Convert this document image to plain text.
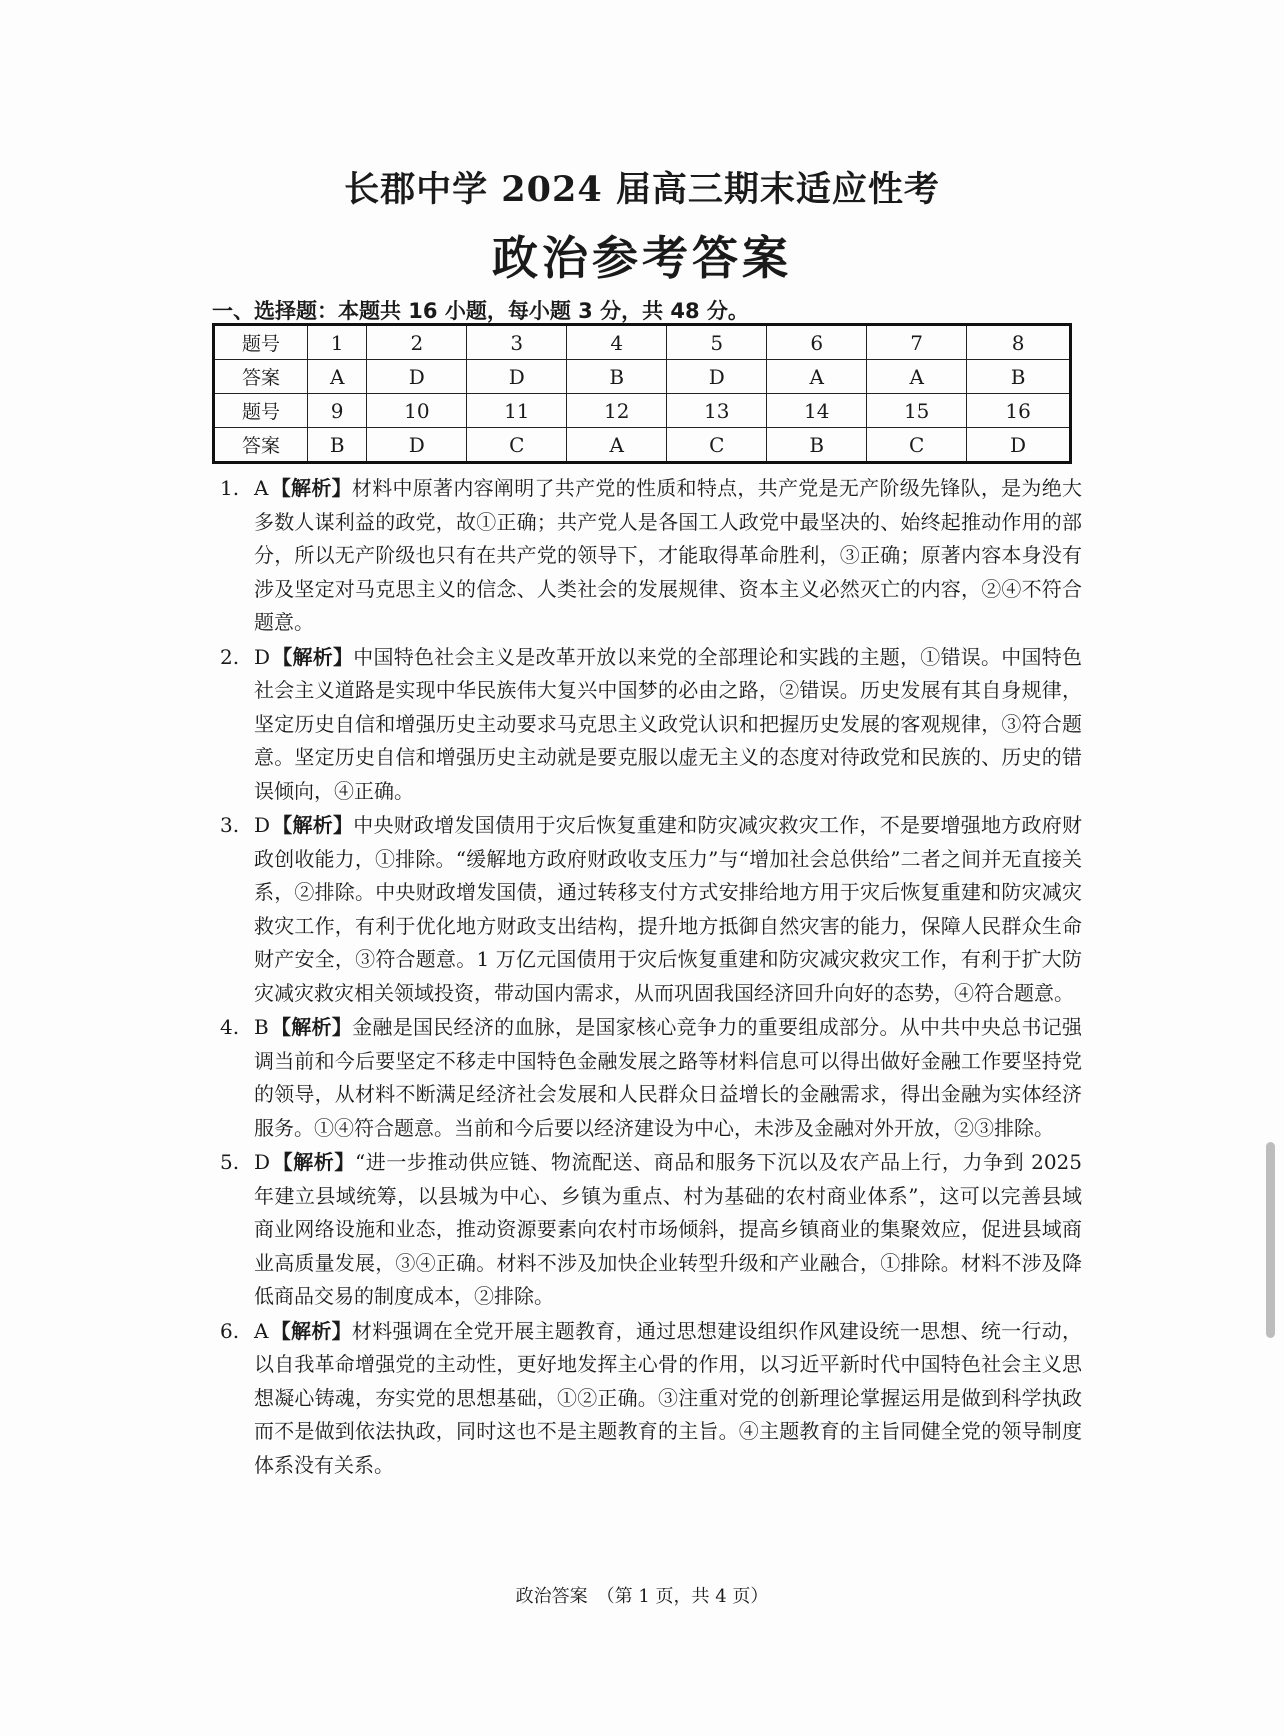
长郡中学 2024 届高三期末适应性考
政治参考答案
一、选择题：本题共 16 小题，每小题 3 分，共 48 分。
题号	1	2	3	4	5	6	7	8
答案	A	D	D	B	D	A	A	B
题号	9	10	11	12	13	14	15	16
答案	B	D	C	A	C	B	C	D
1. A 【解析】材料中原著内容阐明了共产党的性质和特点，共产党是无产阶级先锋队，是为绝大多数人谋利益的政党，故①正确；共产党人是各国工人政党中最坚决的、始终起推动作用的部分，所以无产阶级也只有在共产党的领导下，才能取得革命胜利，③正确；原著内容本身没有涉及坚定对马克思主义的信念、人类社会的发展规律、资本主义必然灭亡的内容，②④不符合题意。
2. D 【解析】中国特色社会主义是改革开放以来党的全部理论和实践的主题，①错误。中国特色社会主义道路是实现中华民族伟大复兴中国梦的必由之路，②错误。历史发展有其自身规律，坚定历史自信和增强历史主动要求马克思主义政党认识和把握历史发展的客观规律，③符合题意。坚定历史自信和增强历史主动就是要克服以虚无主义的态度对待政党和民族的、历史的错误倾向，④正确。
3. D 【解析】中央财政增发国债用于灾后恢复重建和防灾减灾救灾工作，不是要增强地方政府财政创收能力，①排除。“缓解地方政府财政收支压力”与“增加社会总供给”二者之间并无直接关系，②排除。中央财政增发国债，通过转移支付方式安排给地方用于灾后恢复重建和防灾减灾救灾工作，有利于优化地方财政支出结构，提升地方抵御自然灾害的能力，保障人民群众生命财产安全，③符合题意。1 万亿元国债用于灾后恢复重建和防灾减灾救灾工作，有利于扩大防灾减灾救灾相关领域投资，带动国内需求，从而巩固我国经济回升向好的态势，④符合题意。
4. B 【解析】金融是国民经济的血脉，是国家核心竞争力的重要组成部分。从中共中央总书记强调当前和今后要坚定不移走中国特色金融发展之路等材料信息可以得出做好金融工作要坚持党的领导，从材料不断满足经济社会发展和人民群众日益增长的金融需求，得出金融为实体经济服务。①④符合题意。当前和今后要以经济建设为中心，未涉及金融对外开放，②③排除。
5. D 【解析】“进一步推动供应链、物流配送、商品和服务下沉以及农产品上行，力争到 2025 年建立县域统筹，以县城为中心、乡镇为重点、村为基础的农村商业体系”，这可以完善县域商业网络设施和业态，推动资源要素向农村市场倾斜，提高乡镇商业的集聚效应，促进县域商业高质量发展，③④正确。材料不涉及加快企业转型升级和产业融合，①排除。材料不涉及降低商品交易的制度成本，②排除。
6. A 【解析】材料强调在全党开展主题教育，通过思想建设组织作风建设统一思想、统一行动，以自我革命增强党的主动性，更好地发挥主心骨的作用，以习近平新时代中国特色社会主义思想凝心铸魂，夯实党的思想基础，①②正确。③注重对党的创新理论掌握运用是做到科学执政而不是做到依法执政，同时这也不是主题教育的主旨。④主题教育的主旨同健全党的领导制度体系没有关系。
政治答案　（第 1 页，共 4 页）
